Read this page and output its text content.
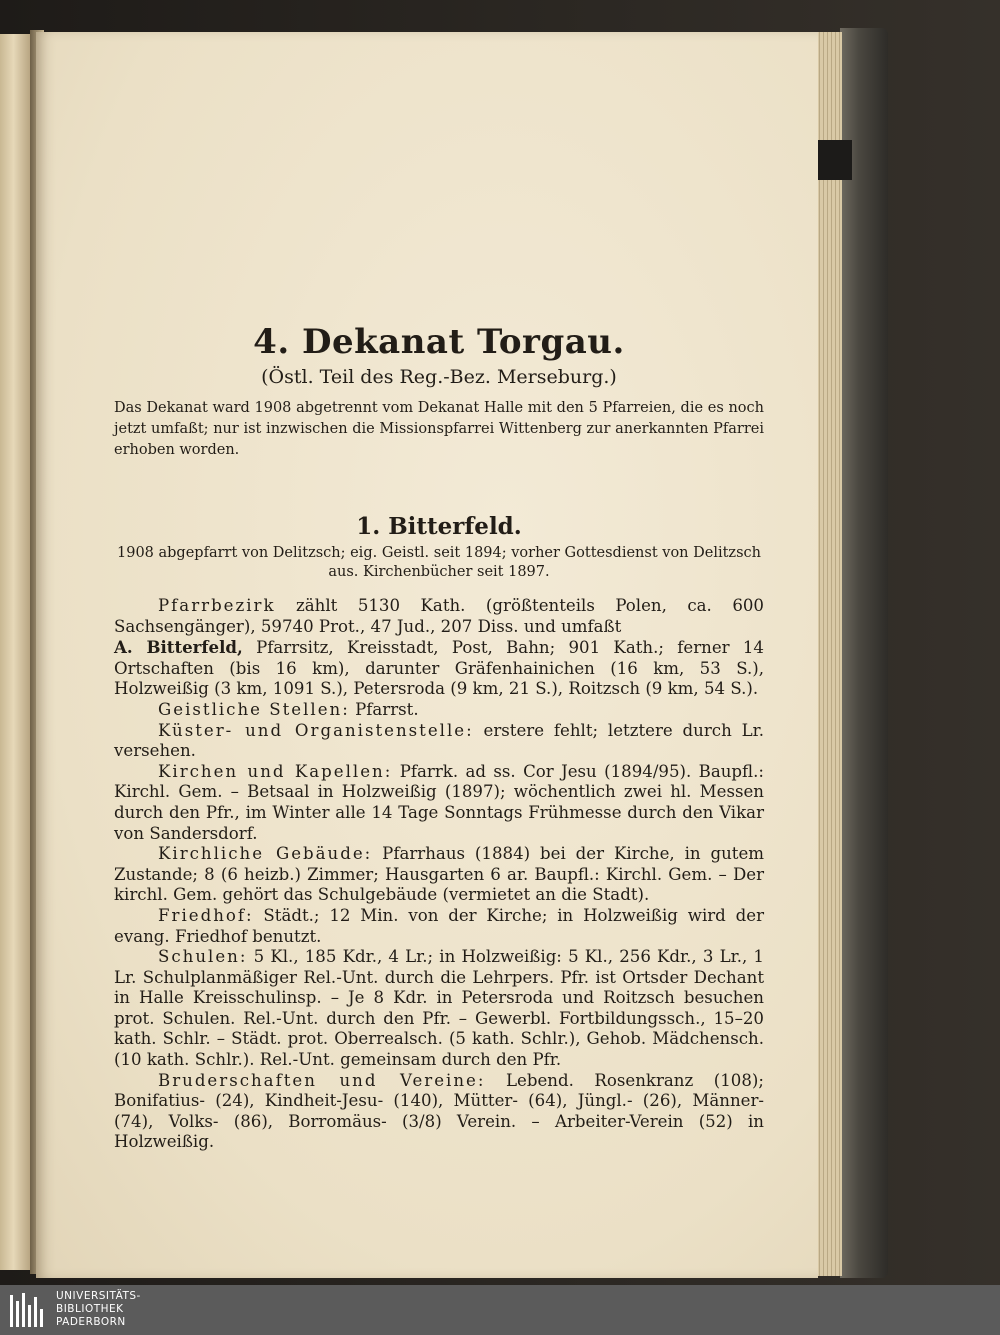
4. Dekanat Torgau.
(Östl. Teil des Reg.-Bez. Merseburg.)

Das Dekanat ward 1908 abgetrennt vom Dekanat Halle mit den 5 Pfarreien, die es noch jetzt umfaßt; nur ist inzwischen die Missionspfarrei Wittenberg zur anerkannten Pfarrei erhoben worden.

1. Bitterfeld.

1908 abgepfarrt von Delitzsch; eig. Geistl. seit 1894; vorher Gottesdienst von Delitzsch aus. Kirchenbücher seit 1897.

Pfarrbezirk zählt 5130 Kath. (größtenteils Polen, ca. 600 Sachsengänger), 59740 Prot., 47 Jud., 207 Diss. und umfaßt

A. Bitterfeld, Pfarrsitz, Kreisstadt, Post, Bahn; 901 Kath.; ferner 14 Ortschaften (bis 16 km), darunter Gräfenhainichen (16 km, 53 S.), Holzweißig (3 km, 1091 S.), Petersroda (9 km, 21 S.), Roitzsch (9 km, 54 S.).

Geistliche Stellen: Pfarrst.

Küster- und Organistenstelle: erstere fehlt; letztere durch Lr. versehen.

Kirchen und Kapellen: Pfarrk. ad ss. Cor Jesu (1894/95). Baupfl.: Kirchl. Gem. – Betsaal in Holzweißig (1897); wöchentlich zwei hl. Messen durch den Pfr., im Winter alle 14 Tage Sonntags Frühmesse durch den Vikar von Sandersdorf.

Kirchliche Gebäude: Pfarrhaus (1884) bei der Kirche, in gutem Zustande; 8 (6 heizb.) Zimmer; Hausgarten 6 ar. Baupfl.: Kirchl. Gem. – Der kirchl. Gem. gehört das Schulgebäude (vermietet an die Stadt).

Friedhof: Städt.; 12 Min. von der Kirche; in Holzweißig wird der evang. Friedhof benutzt.

Schulen: 5 Kl., 185 Kdr., 4 Lr.; in Holzweißig: 5 Kl., 256 Kdr., 3 Lr., 1 Lr. Schulplanmäßiger Rel.-Unt. durch die Lehrpers. Pfr. ist Ortsder Dechant in Halle Kreisschulinsp. – Je 8 Kdr. in Petersroda und Roitzsch besuchen prot. Schulen. Rel.-Unt. durch den Pfr. – Gewerbl. Fortbildungssch., 15–20 kath. Schlr. – Städt. prot. Oberrealsch. (5 kath. Schlr.), Gehob. Mädchensch. (10 kath. Schlr.). Rel.-Unt. gemeinsam durch den Pfr.

Bruderschaften und Vereine: Lebend. Rosenkranz (108); Bonifatius- (24), Kindheit-Jesu- (140), Mütter- (64), Jüngl.- (26), Männer- (74), Volks- (86), Borromäus- (3/8) Verein. – Arbeiter-Verein (52) in Holzweißig.

UNIVERSITÄTS-
BIBLIOTHEK
PADERBORN
